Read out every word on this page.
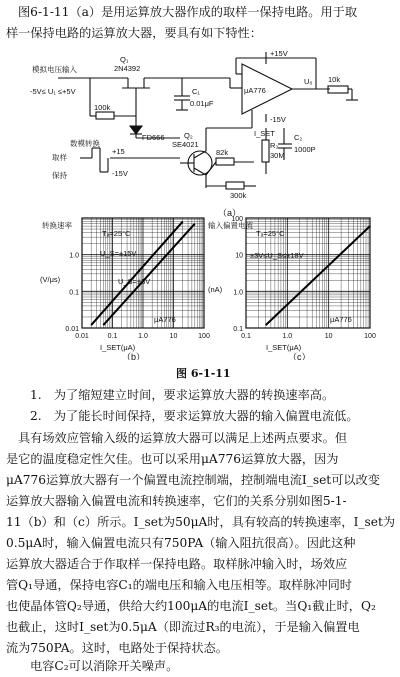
图6-1-11（a）是用运算放大器作成的取样一保持电路。用于取
样一保持电路的运算放大器，要具有如下特性：
模拟电压输入
-5V≤ U₁ ≤+5V
Q₁
2N4392
C₁
0.01μF
100k
FD666
数模转换
取样
保持
+15
-15V
Q₂
SE4021
82k	30M
R₃
300k
C₂
1000P
μA776
U₀ 10k
+15V
-15V
I_SET
（a）
转换速率
(V/μs)
Tₐ=25°C
U_S=±15V
U_S=±3V
μA776
I_SET(μA)
（b）
0.01	0.1	1.0	10	100
1.0
0.1
0.01
输入偏置电流
(nA)
Tₐ=25°C
±3V≤U_S≤±18V
μA776
I_SET(μA)
（c）
0.1	1.0	10	100
100
10
1.0
0.1
图 6-1-11
1.　为了缩短建立时间，要求运算放大器的转换速率高。
2.　为了能长时间保持，要求运算放大器的输入偏置电流低。
具有场效应管输入级的运算放大器可以满足上述两点要求。但
是它的温度稳定性欠佳。也可以采用μA776运算放大器，因为
μA776运算放大器有一个偏置电流控制端，控制端电流I_set可以改变
运算放大器输入偏置电流和转换速率，它们的关系分别如图5-1-
11（b）和（c）所示。I_set为50μA时，具有较高的转换速率，I_set为
0.5μA时，输入偏置电流只有750PA（输入阻抗很高）。因此这种
运算放大器适合于作取样一保持电路。取样脉冲输入时，场效应
管Q₁导通，保持电容C₁的端电压和输入电压相等。取样脉冲同时
也使晶体管Q₂导通，供给大约100μA的电流I_set。当Q₁截止时，Q₂
也截止，这时I_set为0.5μA（即流过R₃的电流），于是输入偏置电
流为750PA。这时，电路处于保持状态。
电容C₂可以消除开关噪声。
